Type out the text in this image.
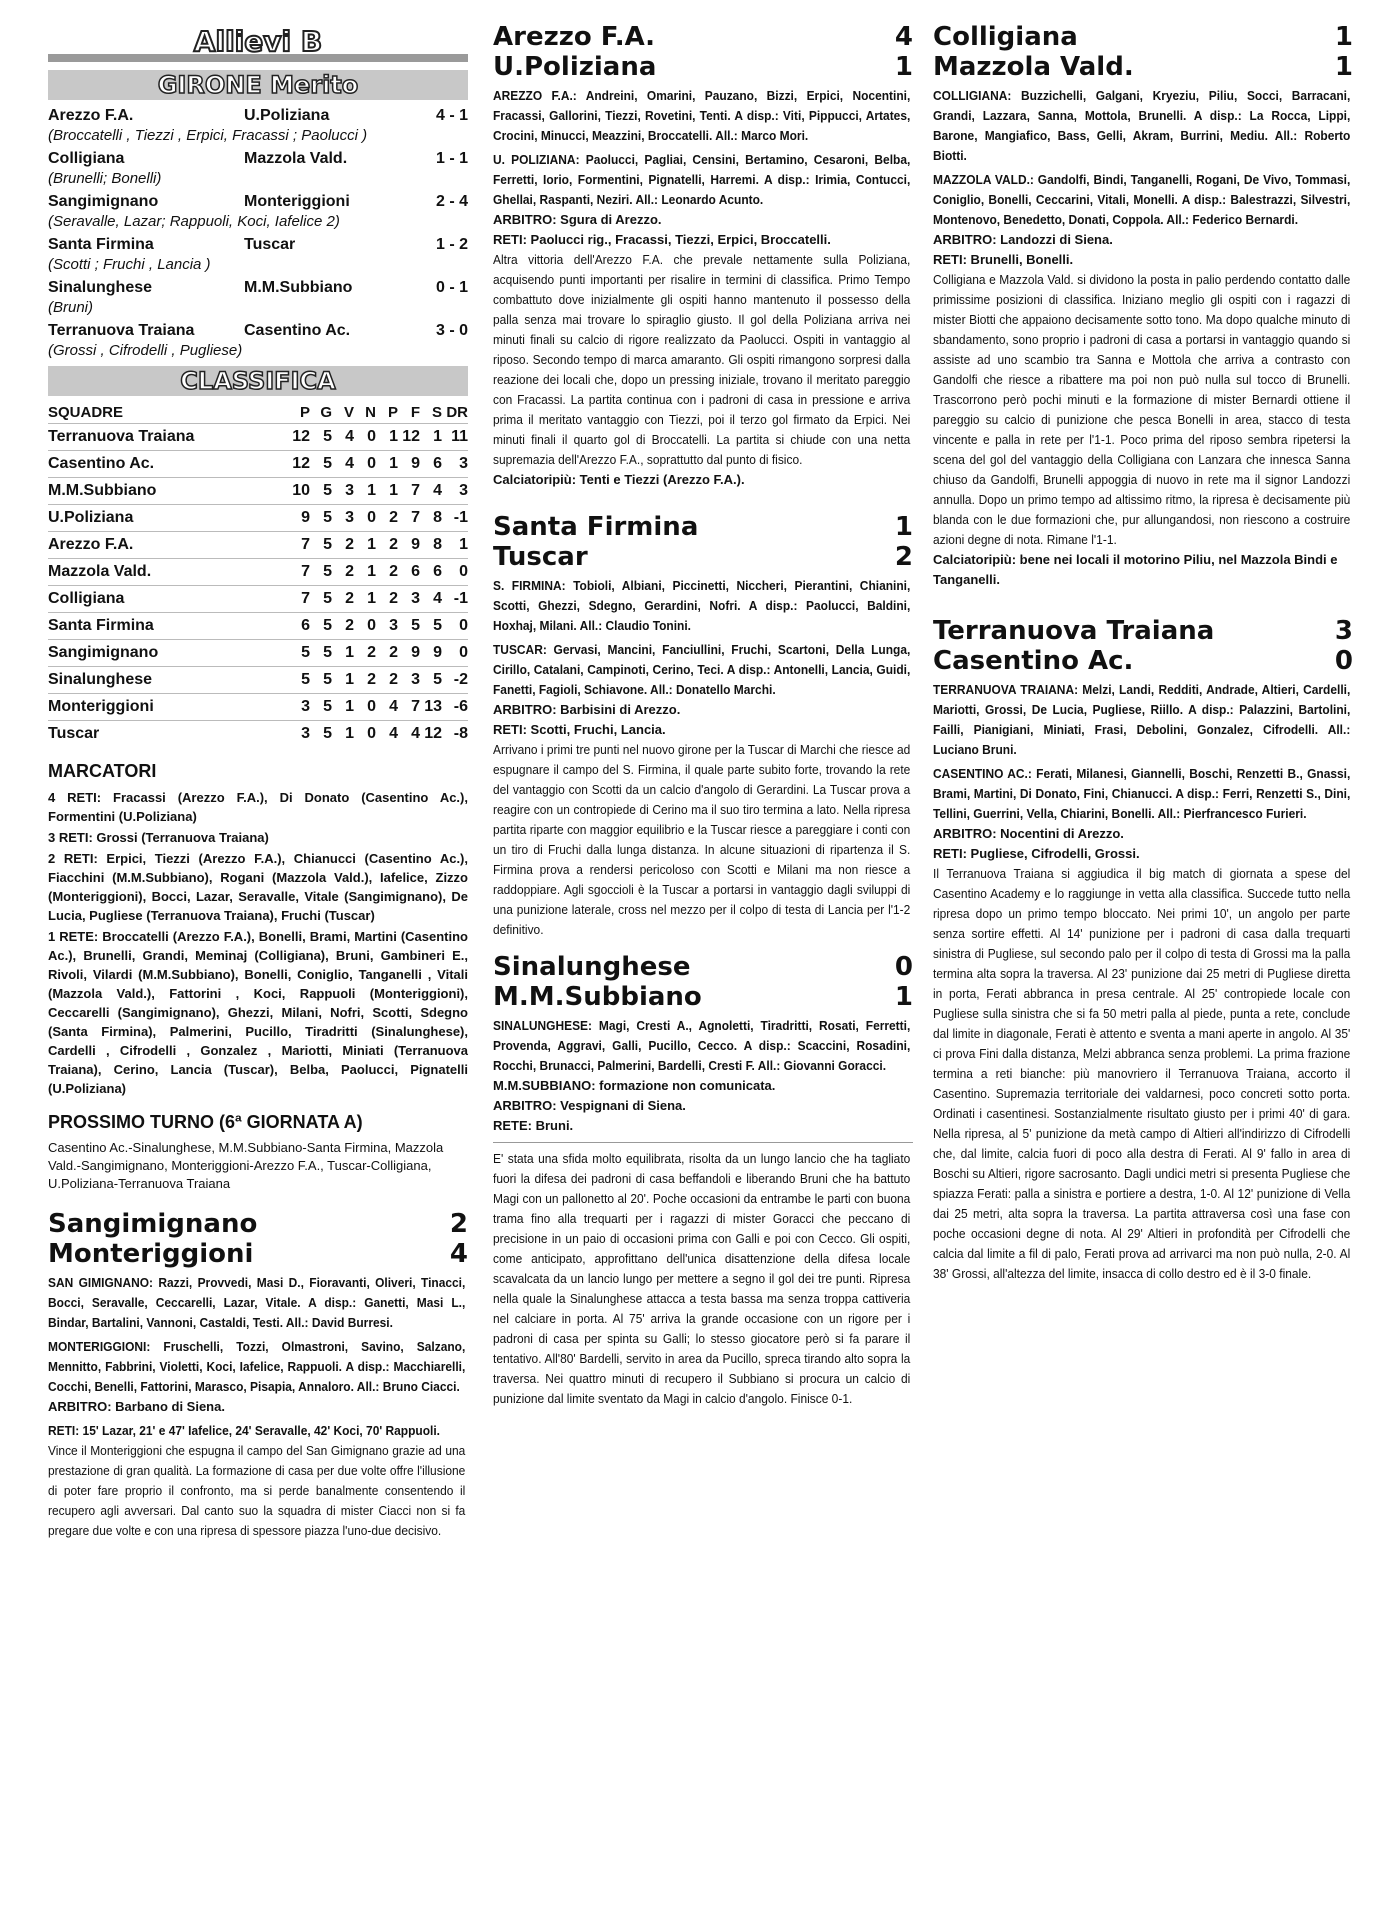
Allievi B
GIRONE Merito
Arezzo F.A.	U.Poliziana	4 - 1
(Broccatelli , Tiezzi , Erpici, Fracassi ; Paolucci )
Colligiana	Mazzola Vald.	1 - 1
(Brunelli; Bonelli)
Sangimignano	Monteriggioni	2 - 4
(Seravalle, Lazar; Rappuoli, Koci, Iafelice 2)
Santa Firmina	Tuscar	1 - 2
(Scotti ; Fruchi , Lancia )
Sinalunghese	M.M.Subbiano	0 - 1
(Bruni)
Terranuova Traiana	Casentino Ac.	3 - 0
(Grossi , Cifrodelli , Pugliese)
CLASSIFICA
SQUADRE	P	G	V	N	P	F	S	DR
Terranuova Traiana	12	5	4	0	1	12	1	11
Casentino Ac.	12	5	4	0	1	9	6	3
M.M.Subbiano	10	5	3	1	1	7	4	3
U.Poliziana	9	5	3	0	2	7	8	-1
Arezzo F.A.	7	5	2	1	2	9	8	1
Mazzola Vald.	7	5	2	1	2	6	6	0
Colligiana	7	5	2	1	2	3	4	-1
Santa Firmina	6	5	2	0	3	5	5	0
Sangimignano	5	5	1	2	2	9	9	0
Sinalunghese	5	5	1	2	2	3	5	-2
Monteriggioni	3	5	1	0	4	7	13	-6
Tuscar	3	5	1	0	4	4	12	-8
MARCATORI
4 RETI: Fracassi (Arezzo F.A.), Di Donato (Casentino Ac.), Formentini (U.Poliziana)
3 RETI: Grossi (Terranuova Traiana)
2 RETI: Erpici, Tiezzi (Arezzo F.A.), Chianucci (Casentino Ac.), Fiacchini (M.M.Subbiano), Rogani (Mazzola Vald.), Iafelice, Zizzo (Monteriggioni), Bocci, Lazar, Seravalle, Vitale (Sangimignano), De Lucia, Pugliese (Terranuova Traiana), Fruchi (Tuscar)
1 RETE: Broccatelli (Arezzo F.A.), Bonelli, Brami, Martini (Casentino Ac.), Brunelli, Grandi, Meminaj (Colligiana), Bruni, Gambineri E., Rivoli, Vilardi (M.M.Subbiano), Bonelli, Coniglio, Tanganelli , Vitali (Mazzola Vald.), Fattorini , Koci, Rappuoli (Monteriggioni), Ceccarelli (Sangimignano), Ghezzi, Milani, Nofri, Scotti, Sdegno (Santa Firmina), Palmerini, Pucillo, Tiradritti (Sinalunghese), Cardelli , Cifrodelli , Gonzalez , Mariotti, Miniati (Terranuova Traiana), Cerino, Lancia (Tuscar), Belba, Paolucci, Pignatelli (U.Poliziana)
PROSSIMO TURNO (6ª GIORNATA A)
Casentino Ac.-Sinalunghese, M.M.Subbiano-Santa Firmina, Mazzola Vald.-Sangimignano, Monteriggioni-Arezzo F.A., Tuscar-Colligiana, U.Poliziana-Terranuova Traiana
Sangimignano	2
Monteriggioni	4
SAN GIMIGNANO: Razzi, Provvedi, Masi D., Fioravanti, Oliveri, Tinacci, Bocci, Seravalle, Ceccarelli, Lazar, Vitale. A disp.: Ganetti, Masi L., Bindar, Bartalini, Vannoni, Castaldi, Testi. All.: David Burresi.
MONTERIGGIONI: Fruschelli, Tozzi, Olmastroni, Savino, Salzano, Mennitto, Fabbrini, Violetti, Koci, Iafelice, Rappuoli. A disp.: Macchiarelli, Cocchi, Benelli, Fattorini, Marasco, Pisapia, Annaloro. All.: Bruno Ciacci.
ARBITRO: Barbano di Siena.
RETI: 15' Lazar, 21' e 47' Iafelice, 24' Seravalle, 42' Koci, 70' Rappuoli.
Vince il Monteriggioni che espugna il campo del San Gimignano grazie ad una prestazione di gran qualità. La formazione di casa per due volte offre l'illusione di poter fare proprio il confronto, ma si perde banalmente consentendo il recupero agli avversari. Dal canto suo la squadra di mister Ciacci non si fa pregare due volte e con una ripresa di spessore piazza l'uno-due decisivo.
Arezzo F.A.	4
U.Poliziana	1
AREZZO F.A.: Andreini, Omarini, Pauzano, Bizzi, Erpici, Nocentini, Fracassi, Gallorini, Tiezzi, Rovetini, Tenti. A disp.: Viti, Pippucci, Artates, Crocini, Minucci, Meazzini, Broccatelli. All.: Marco Mori.
U. POLIZIANA: Paolucci, Pagliai, Censini, Bertamino, Cesaroni, Belba, Ferretti, Iorio, Formentini, Pignatelli, Harremi. A disp.: Irimia, Contucci, Ghellai, Raspanti, Neziri. All.: Leonardo Acunto.
ARBITRO: Sgura di Arezzo.
RETI: Paolucci rig., Fracassi, Tiezzi, Erpici, Broccatelli.
Altra vittoria dell'Arezzo F.A. che prevale nettamente sulla Poliziana, acquisendo punti importanti per risalire in termini di classifica. Primo Tempo combattuto dove inizialmente gli ospiti hanno mantenuto il possesso della palla senza mai trovare lo spiraglio giusto. Il gol della Poliziana arriva nei minuti finali su calcio di rigore realizzato da Paolucci. Ospiti in vantaggio al riposo. Secondo tempo di marca amaranto. Gli ospiti rimangono sorpresi dalla reazione dei locali che, dopo un pressing iniziale, trovano il meritato pareggio con Fracassi. La partita continua con i padroni di casa in pressione e arriva prima il meritato vantaggio con Tiezzi, poi il terzo gol firmato da Erpici. Nei minuti finali il quarto gol di Broccatelli. La partita si chiude con una netta supremazia dell'Arezzo F.A., soprattutto dal punto di fisico.
Calciatoripiù: Tenti e Tiezzi (Arezzo F.A.).
Santa Firmina	1
Tuscar	2
S. FIRMINA: Tobioli, Albiani, Piccinetti, Niccheri, Pierantini, Chianini, Scotti, Ghezzi, Sdegno, Gerardini, Nofri. A disp.: Paolucci, Baldini, Hoxhaj, Milani. All.: Claudio Tonini.
TUSCAR: Gervasi, Mancini, Fanciullini, Fruchi, Scartoni, Della Lunga, Cirillo, Catalani, Campinoti, Cerino, Teci. A disp.: Antonelli, Lancia, Guidi, Fanetti, Fagioli, Schiavone. All.: Donatello Marchi.
ARBITRO: Barbisini di Arezzo.
RETI: Scotti, Fruchi, Lancia.
Arrivano i primi tre punti nel nuovo girone per la Tuscar di Marchi che riesce ad espugnare il campo del S. Firmina, il quale parte subito forte, trovando la rete del vantaggio con Scotti da un calcio d'angolo di Gerardini. La Tuscar prova a reagire con un contropiede di Cerino ma il suo tiro termina a lato. Nella ripresa partita riparte con maggior equilibrio e la Tuscar riesce a pareggiare i conti con un tiro di Fruchi dalla lunga distanza. In alcune situazioni di ripartenza il S. Firmina prova a rendersi pericoloso con Scotti e Milani ma non riesce a raddoppiare. Agli sgoccioli è la Tuscar a portarsi in vantaggio dagli sviluppi di una punizione laterale, cross nel mezzo per il colpo di testa di Lancia per l'1-2 definitivo.
Sinalunghese	0
M.M.Subbiano	1
SINALUNGHESE: Magi, Cresti A., Agnoletti, Tiradritti, Rosati, Ferretti, Provenda, Aggravi, Galli, Pucillo, Cecco. A disp.: Scaccini, Rosadini, Rocchi, Brunacci, Palmerini, Bardelli, Cresti F. All.: Giovanni Goracci.
M.M.SUBBIANO: formazione non comunicata.
ARBITRO: Vespignani di Siena.
RETE: Bruni.
E' stata una sfida molto equilibrata, risolta da un lungo lancio che ha tagliato fuori la difesa dei padroni di casa beffandoli e liberando Bruni che ha battuto Magi con un pallonetto al 20'. Poche occasioni da entrambe le parti con buona trama fino alla trequarti per i ragazzi di mister Goracci che peccano di precisione in un paio di occasioni prima con Galli e poi con Cecco. Gli ospiti, come anticipato, approfittano dell'unica disattenzione della difesa locale scavalcata da un lancio lungo per mettere a segno il gol dei tre punti. Ripresa nella quale la Sinalunghese attacca a testa bassa ma senza troppa cattiveria nel calciare in porta. Al 75' arriva la grande occasione con un rigore per i padroni di casa per spinta su Galli; lo stesso giocatore però si fa parare il tentativo. All'80' Bardelli, servito in area da Pucillo, spreca tirando alto sopra la traversa. Nei quattro minuti di recupero il Subbiano si procura un calcio di punizione dal limite sventato da Magi in calcio d'angolo. Finisce 0-1.
Colligiana	1
Mazzola Vald.	1
COLLIGIANA: Buzzichelli, Galgani, Kryeziu, Piliu, Socci, Barracani, Grandi, Lazzara, Sanna, Mottola, Brunelli. A disp.: La Rocca, Lippi, Barone, Mangiafico, Bass, Gelli, Akram, Burrini, Mediu. All.: Roberto Biotti.
MAZZOLA VALD.: Gandolfi, Bindi, Tanganelli, Rogani, De Vivo, Tommasi, Coniglio, Bonelli, Ceccarini, Vitali, Monelli. A disp.: Balestrazzi, Silvestri, Montenovo, Benedetto, Donati, Coppola. All.: Federico Bernardi.
ARBITRO: Landozzi di Siena.
RETI: Brunelli, Bonelli.
Colligiana e Mazzola Vald. si dividono la posta in palio perdendo contatto dalle primissime posizioni di classifica. Iniziano meglio gli ospiti con i ragazzi di mister Biotti che appaiono decisamente sotto tono. Ma dopo qualche minuto di sbandamento, sono proprio i padroni di casa a portarsi in vantaggio quando si assiste ad uno scambio tra Sanna e Mottola che arriva a contrasto con Gandolfi che riesce a ribattere ma poi non può nulla sul tocco di Brunelli. Trascorrono però pochi minuti e la formazione di mister Bernardi ottiene il pareggio su calcio di punizione che pesca Bonelli in area, stacco di testa vincente e palla in rete per l'1-1. Poco prima del riposo sembra ripetersi la scena del gol del vantaggio della Colligiana con Lanzara che innesca Sanna chiuso da Gandolfi, Brunelli appoggia di nuovo in rete ma il signor Landozzi annulla. Dopo un primo tempo ad altissimo ritmo, la ripresa è decisamente più blanda con le due formazioni che, pur allungandosi, non riescono a costruire azioni degne di nota. Rimane l'1-1.
Calciatoripiù: bene nei locali il motorino Piliu, nel Mazzola Bindi e Tanganelli.
Terranuova Traiana	3
Casentino Ac.	0
TERRANUOVA TRAIANA: Melzi, Landi, Redditi, Andrade, Altieri, Cardelli, Mariotti, Grossi, De Lucia, Pugliese, Riillo. A disp.: Palazzini, Bartolini, Failli, Pianigiani, Miniati, Frasi, Debolini, Gonzalez, Cifrodelli. All.: Luciano Bruni.
CASENTINO AC.: Ferati, Milanesi, Giannelli, Boschi, Renzetti B., Gnassi, Brami, Martini, Di Donato, Fini, Chianucci. A disp.: Ferri, Renzetti S., Dini, Tellini, Guerrini, Vella, Chiarini, Bonelli. All.: Pierfrancesco Furieri.
ARBITRO: Nocentini di Arezzo.
RETI: Pugliese, Cifrodelli, Grossi.
Il Terranuova Traiana si aggiudica il big match di giornata a spese del Casentino Academy e lo raggiunge in vetta alla classifica. Succede tutto nella ripresa dopo un primo tempo bloccato. Nei primi 10', un angolo per parte senza sortire effetti. Al 14' punizione per i padroni di casa dalla trequarti sinistra di Pugliese, sul secondo palo per il colpo di testa di Grossi ma la palla termina alta sopra la traversa. Al 23' punizione dai 25 metri di Pugliese diretta in porta, Ferati abbranca in presa centrale. Al 25' contropiede locale con Pugliese sulla sinistra che si fa 50 metri palla al piede, punta a rete, conclude dal limite in diagonale, Ferati è attento e sventa a mani aperte in angolo. Al 35' ci prova Fini dalla distanza, Melzi abbranca senza problemi. La prima frazione termina a reti bianche: più manovriero il Terranuova Traiana, accorto il Casentino. Supremazia territoriale dei valdarnesi, poco concreti sotto porta. Ordinati i casentinesi. Sostanzialmente risultato giusto per i primi 40' di gara. Nella ripresa, al 5' punizione da metà campo di Altieri all'indirizzo di Cifrodelli che, dal limite, calcia fuori di poco alla destra di Ferati. Al 9' fallo in area di Boschi su Altieri, rigore sacrosanto. Dagli undici metri si presenta Pugliese che spiazza Ferati: palla a sinistra e portiere a destra, 1-0. Al 12' punizione di Vella dai 25 metri, alta sopra la traversa. La partita attraversa così una fase con poche occasioni degne di nota. Al 29' Altieri in profondità per Cifrodelli che calcia dal limite a fil di palo, Ferati prova ad arrivarci ma non può nulla, 2-0. Al 38' Grossi, all'altezza del limite, insacca di collo destro ed è il 3-0 finale.
